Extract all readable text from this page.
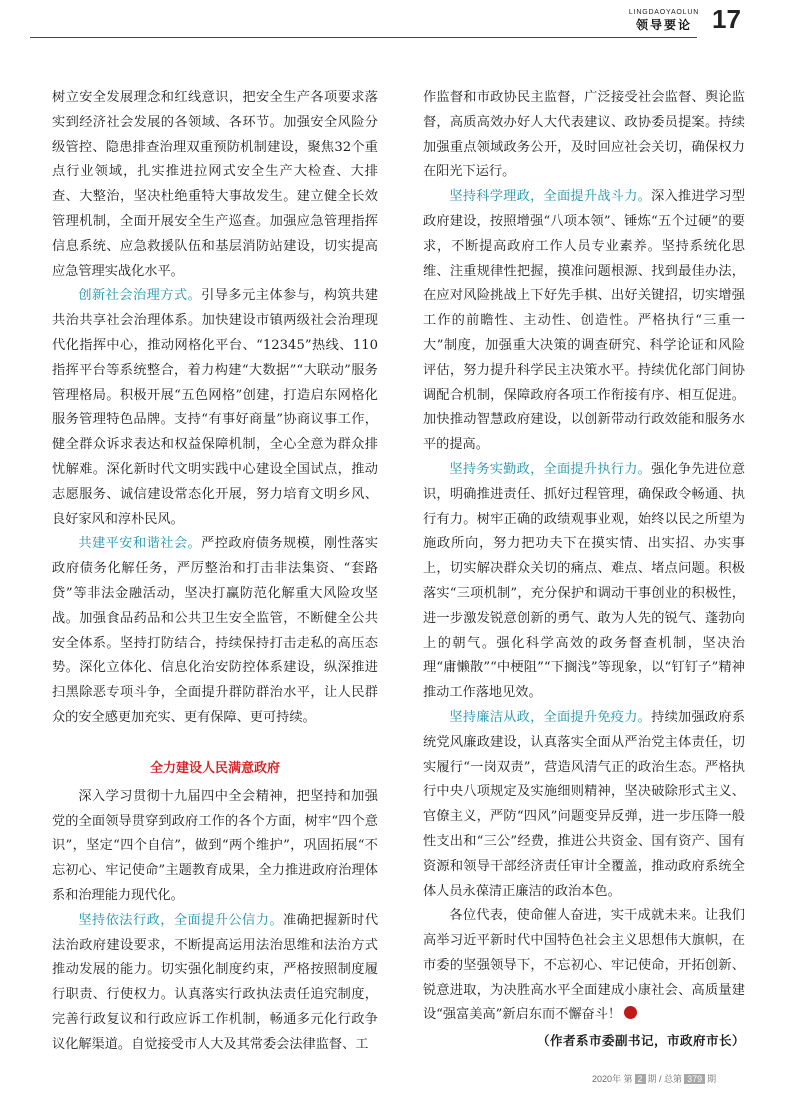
LINGDAOYAOLUN
领导要论 17

树立安全发展理念和红线意识，把安全生产各项要求落实到经济社会发展的各领域、各环节。加强安全风险分级管控、隐患排查治理双重预防机制建设，聚焦32个重点行业领域，扎实推进拉网式安全生产大检查、大排查、大整治，坚决杜绝重特大事故发生。建立健全长效管理机制，全面开展安全生产巡查。加强应急管理指挥信息系统、应急救援队伍和基层消防站建设，切实提高应急管理实战化水平。

创新社会治理方式。引导多元主体参与，构筑共建共治共享社会治理体系。加快建设市镇两级社会治理现代化指挥中心，推动网格化平台、“12345”热线、110指挥平台等系统整合，着力构建“大数据”“大联动”服务管理格局。积极开展“五色网格”创建，打造启东网格化服务管理特色品牌。支持“有事好商量”协商议事工作，健全群众诉求表达和权益保障机制，全心全意为群众排忧解难。深化新时代文明实践中心建设全国试点，推动志愿服务、诚信建设常态化开展，努力培育文明乡风、良好家风和淳朴民风。

共建平安和谐社会。严控政府债务规模，刚性落实政府债务化解任务，严厉整治和打击非法集资、“套路贷”等非法金融活动，坚决打赢防范化解重大风险攻坚战。加强食品药品和公共卫生安全监管，不断健全公共安全体系。坚持打防结合，持续保持打击走私的高压态势。深化立体化、信息化治安防控体系建设，纵深推进扫黑除恶专项斗争，全面提升群防群治水平，让人民群众的安全感更加充实、更有保障、更可持续。

全力建设人民满意政府

深入学习贯彻十九届四中全会精神，把坚持和加强党的全面领导贯穿到政府工作的各个方面，树牢“四个意识”，坚定“四个自信”，做到“两个维护”，巩固拓展“不忘初心、牢记使命”主题教育成果，全力推进政府治理体系和治理能力现代化。

坚持依法行政，全面提升公信力。准确把握新时代法治政府建设要求，不断提高运用法治思维和法治方式推动发展的能力。切实强化制度约束，严格按照制度履行职责、行使权力。认真落实行政执法责任追究制度，完善行政复议和行政应诉工作机制，畅通多元化行政争议化解渠道。自觉接受市人大及其常委会法律监督、工

作监督和市政协民主监督，广泛接受社会监督、舆论监督，高质高效办好人大代表建议、政协委员提案。持续加强重点领域政务公开，及时回应社会关切，确保权力在阳光下运行。

坚持科学理政，全面提升战斗力。深入推进学习型政府建设，按照增强“八项本领”、锤炼“五个过硬”的要求，不断提高政府工作人员专业素养。坚持系统化思维、注重规律性把握，摸准问题根源、找到最佳办法，在应对风险挑战上下好先手棋、出好关键招，切实增强工作的前瞻性、主动性、创造性。严格执行“三重一大”制度，加强重大决策的调查研究、科学论证和风险评估，努力提升科学民主决策水平。持续优化部门间协调配合机制，保障政府各项工作衔接有序、相互促进。加快推动智慧政府建设，以创新带动行政效能和服务水平的提高。

坚持务实勤政，全面提升执行力。强化争先进位意识，明确推进责任、抓好过程管理，确保政令畅通、执行有力。树牢正确的政绩观事业观，始终以民之所望为施政所向，努力把功夫下在摸实情、出实招、办实事上，切实解决群众关切的痛点、难点、堵点问题。积极落实“三项机制”，充分保护和调动干事创业的积极性，进一步激发锐意创新的勇气、敢为人先的锐气、蓬勃向上的朝气。强化科学高效的政务督查机制，坚决治理“庸懒散”“中梗阻”“下搁浅”等现象，以“钉钉子”精神推动工作落地见效。

坚持廉洁从政，全面提升免疫力。持续加强政府系统党风廉政建设，认真落实全面从严治党主体责任，切实履行“一岗双责”，营造风清气正的政治生态。严格执行中央八项规定及实施细则精神，坚决破除形式主义、官僚主义，严防“四风”问题变异反弹，进一步压降一般性支出和“三公”经费，推进公共资金、国有资产、国有资源和领导干部经济责任审计全覆盖，推动政府系统全体人员永葆清正廉洁的政治本色。

各位代表，使命催人奋进，实干成就未来。让我们高举习近平新时代中国特色社会主义思想伟大旗帜，在市委的坚强领导下，不忘初心、牢记使命，开拓创新、锐意进取，为决胜高水平全面建成小康社会、高质量建设“强富美高”新启东而不懈奋斗！

（作者系市委副书记，市政府市长）
2020年 第 2 期 / 总第 379 期
